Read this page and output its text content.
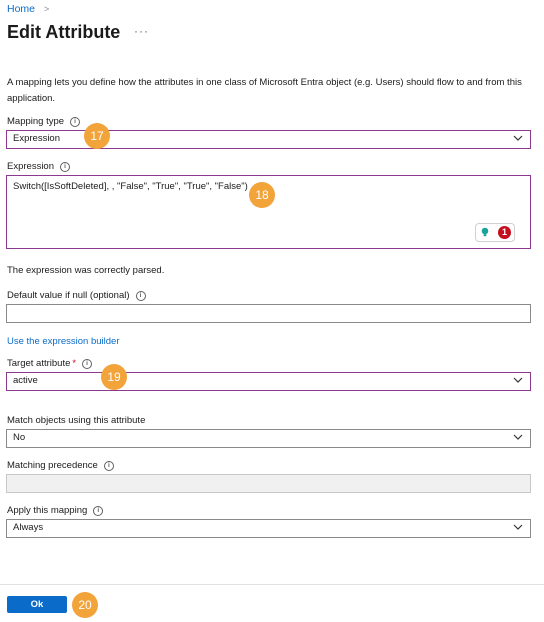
Home >
Edit Attribute ···
A mapping lets you define how the attributes in one class of Microsoft Entra object (e.g. Users) should flow to and from this application.
Mapping type i
Expression
Expression i
Switch([IsSoftDeleted], , "False", "True", "True", "False")
1
The expression was correctly parsed.
Default value if null (optional) i
Use the expression builder
Target attribute * i
active
Match objects using this attribute
No
Matching precedence i
Apply this mapping i
Always
Ok
17
18
19
20
